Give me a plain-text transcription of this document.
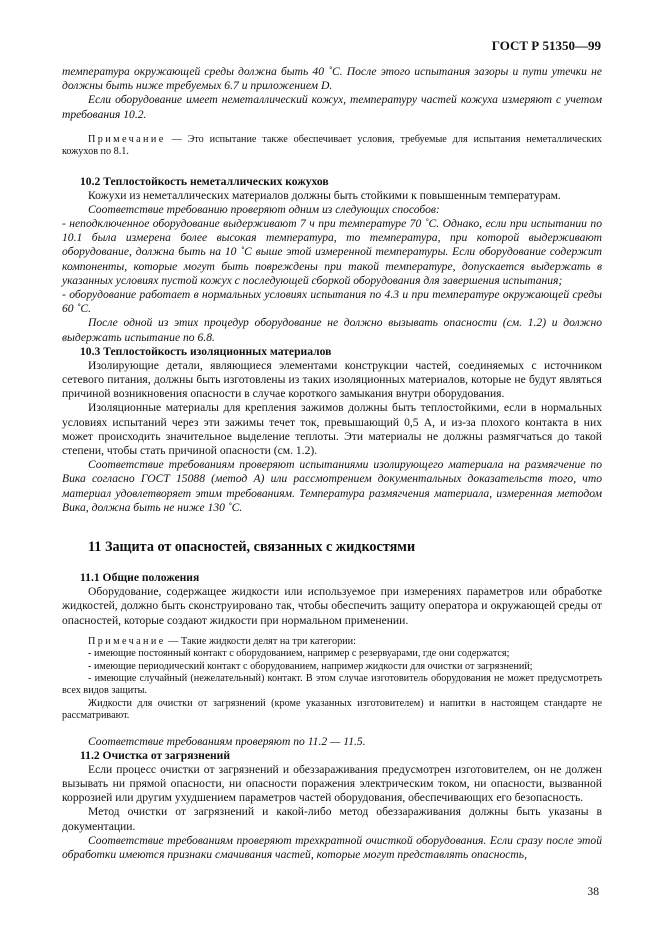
ГОСТ Р 51350—99

температура окружающей среды должна быть 40 ˚С. После этого испытания зазоры и пути утечки не должны быть ниже требуемых 6.7 и приложением D.

Если оборудование имеет неметаллический кожух, температуру частей кожуха измеряют с учетом требования 10.2.

Примечание — Это испытание также обеспечивает условия, требуемые для испытания неметаллических кожухов по 8.1.

10.2 Теплостойкость неметаллических кожухов

Кожухи из неметаллических материалов должны быть стойкими к повышенным температурам.

Соответствие требованию проверяют одним из следующих способов:

- неподключенное оборудование выдерживают 7 ч при температуре 70 ˚С. Однако, если при испытании по 10.1 была измерена более высокая температура, то температура, при которой выдерживают оборудование, должна быть на 10 ˚С выше этой измеренной температуры. Если оборудование содержит компоненты, которые могут быть повреждены при такой температуре, допускается выдержать в указанных условиях пустой кожух с последующей сборкой оборудования для завершения испытания;

- оборудование работает в нормальных условиях испытания по 4.3 и при температуре окружающей среды 60 ˚С.

После одной из этих процедур оборудование не должно вызывать опасности (см. 1.2) и должно выдержать испытание по 6.8.

10.3 Теплостойкость изоляционных материалов

Изолирующие детали, являющиеся элементами конструкции частей, соединяемых с источником сетевого питания, должны быть изготовлены из таких изоляционных материалов, которые не будут являться причиной возникновения опасности в случае короткого замыкания внутри оборудования.

Изоляционные материалы для крепления зажимов должны быть теплостойкими, если в нормальных условиях испытаний через эти зажимы течет ток, превышающий 0,5 А, и из-за плохого контакта в них может происходить значительное выделение теплоты. Эти материалы не должны размягчаться до такой степени, чтобы стать причиной опасности (см. 1.2).

Соответствие требованиям проверяют испытаниями изолирующего материала на размягчение по Вика согласно ГОСТ 15088 (метод А) или рассмотрением документальных доказательств того, что материал удовлетворяет этим требованиям. Температура размягчения материала, измеренная методом Вика, должна быть не ниже 130 ˚С.

11 Защита от опасностей, связанных с жидкостями

11.1 Общие положения

Оборудование, содержащее жидкости или используемое при измерениях параметров или обработке жидкостей, должно быть сконструировано так, чтобы обеспечить защиту оператора и окружающей среды от опасностей, которые создают жидкости при нормальном применении.

Примечание — Такие жидкости делят на три категории:

- имеющие постоянный контакт с оборудованием, например с резервуарами, где они содержатся;

- имеющие периодический контакт с оборудованием, например жидкости для очистки от загрязнений;

- имеющие случайный (нежелательный) контакт. В этом случае изготовитель оборудования не может предусмотреть всех видов защиты.

Жидкости для очистки от загрязнений (кроме указанных изготовителем) и напитки в настоящем стандарте не рассматривают.

Соответствие требованиям проверяют по 11.2 — 11.5.

11.2 Очистка от загрязнений

Если процесс очистки от загрязнений и обеззараживания предусмотрен изготовителем, он не должен вызывать ни прямой опасности, ни опасности поражения электрическим током, ни опасности, вызванной коррозией или другим ухудшением параметров частей оборудования, обеспечивающих его безопасность.

Метод очистки от загрязнений и какой-либо метод обеззараживания должны быть указаны в документации.

Соответствие требованиям проверяют трехкратной очисткой оборудования. Если сразу после этой обработки имеются признаки смачивания частей, которые могут представлять опасность,

38
